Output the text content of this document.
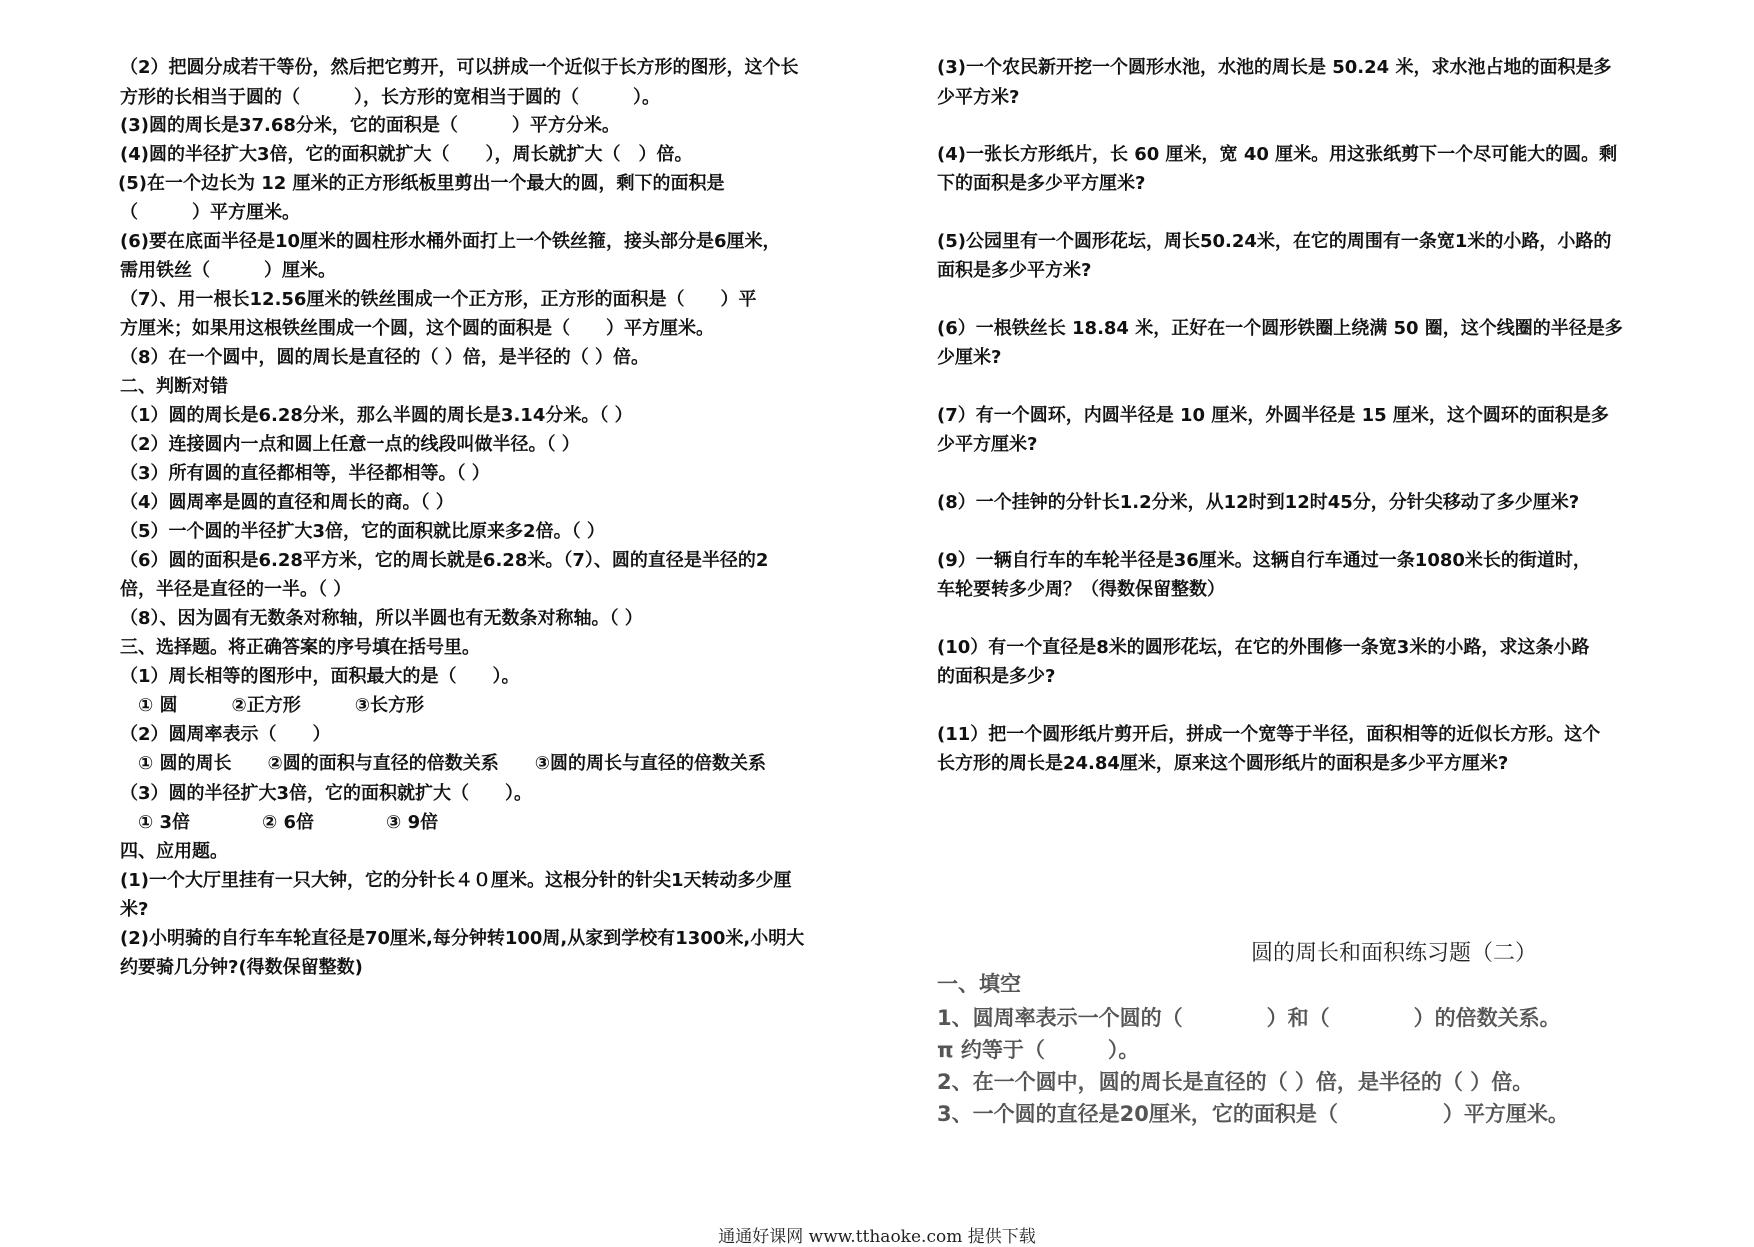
（2）把圆分成若干等份，然后把它剪开，可以拼成一个近似于长方形的图形，这个长
方形的长相当于圆的（　　　），长方形的宽相当于圆的（　　　）。
(3)圆的周长是37.68分米，它的面积是（　　　）平方分米。
(4)圆的半径扩大3倍，它的面积就扩大（　　），周长就扩大（　）倍。
(5)在一个边长为 12 厘米的正方形纸板里剪出一个最大的圆，剩下的面积是
（　　　）平方厘米。
(6)要在底面半径是10厘米的圆柱形水桶外面打上一个铁丝箍，接头部分是6厘米，
需用铁丝（　　　）厘米。
（7）、用一根长12.56厘米的铁丝围成一个正方形，正方形的面积是（　　）平
方厘米；如果用这根铁丝围成一个圆，这个圆的面积是（　　）平方厘米。
（8）在一个圆中，圆的周长是直径的（ ）倍，是半径的（ ）倍。
二、判断对错
（1）圆的周长是6.28分米，那么半圆的周长是3.14分米。（ ）
（2）连接圆内一点和圆上任意一点的线段叫做半径。（ ）
（3）所有圆的直径都相等，半径都相等。（ ）
（4）圆周率是圆的直径和周长的商。（ ）
（5）一个圆的半径扩大3倍，它的面积就比原来多2倍。（ ）
（6）圆的面积是6.28平方米，它的周长就是6.28米。（7）、圆的直径是半径的2
倍，半径是直径的一半。（ ）
（8）、因为圆有无数条对称轴，所以半圆也有无数条对称轴。（ ）
三、选择题。将正确答案的序号填在括号里。
（1）周长相等的图形中，面积最大的是（　　）。
　① 圆　　　②正方形　　　③长方形
（2）圆周率表示（　　）
　① 圆的周长　　②圆的面积与直径的倍数关系　　③圆的周长与直径的倍数关系
（3）圆的半径扩大3倍，它的面积就扩大（　　）。
　① 3倍　　　　② 6倍　　　　③ 9倍
四、应用题。
(1)一个大厅里挂有一只大钟，它的分针长４０厘米。这根分针的针尖1天转动多少厘
米?
(2)小明骑的自行车车轮直径是70厘米,每分钟转100周,从家到学校有1300米,小明大
约要骑几分钟?(得数保留整数)
(3)一个农民新开挖一个圆形水池，水池的周长是 50.24 米，求水池占地的面积是多
少平方米?
(4)一张长方形纸片，长 60 厘米，宽 40 厘米。用这张纸剪下一个尽可能大的圆。剩
下的面积是多少平方厘米?
(5)公园里有一个圆形花坛，周长50.24米，在它的周围有一条宽1米的小路，小路的
面积是多少平方米?
(6）一根铁丝长 18.84 米，正好在一个圆形铁圈上绕满 50 圈，这个线圈的半径是多
少厘米?
(7）有一个圆环，内圆半径是 10 厘米，外圆半径是 15 厘米，这个圆环的面积是多
少平方厘米?
(8）一个挂钟的分针长1.2分米，从12时到12时45分，分针尖移动了多少厘米?
(9）一辆自行车的车轮半径是36厘米。这辆自行车通过一条1080米长的街道时，
车轮要转多少周？（得数保留整数）
(10）有一个直径是8米的圆形花坛，在它的外围修一条宽3米的小路，求这条小路
的面积是多少?
(11）把一个圆形纸片剪开后，拼成一个宽等于半径，面积相等的近似长方形。这个
长方形的周长是24.84厘米，原来这个圆形纸片的面积是多少平方厘米?
圆的周长和面积练习题（二）
一、填空
1、圆周率表示一个圆的（　　　　）和（　　　　）的倍数关系。
π 约等于（　　　）。
2、在一个圆中，圆的周长是直径的（ ）倍，是半径的（ ）倍。
3、一个圆的直径是20厘米，它的面积是（　　　　　）平方厘米。
通通好课网 www.tthaoke.com 提供下载
